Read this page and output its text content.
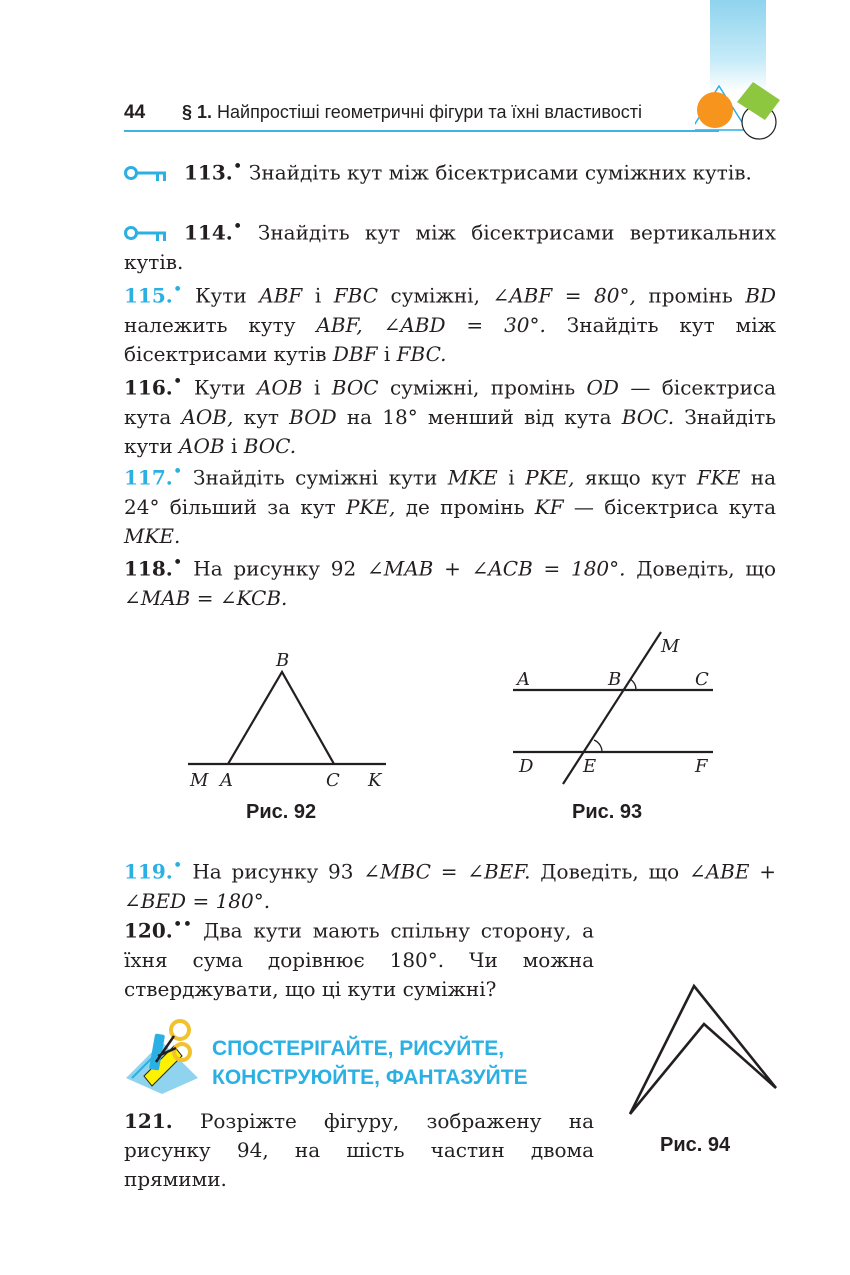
44 § 1. Найпростіші геометричні фігури та їхні властивості
113.• Знайдіть кут між бісектрисами суміжних кутів.
114.• Знайдіть кут між бісектрисами вертикальних кутів.
115.• Кути ABF і FBC суміжні, ∠ABF = 80°, промінь BD належить куту ABF, ∠ABD = 30°. Знайдіть кут між бісектрисами кутів DBF і FBC.
116.• Кути AOB і BOC суміжні, промінь OD — бісектриса кута AOB, кут BOD на 18° менший від кута BOC. Знайдіть кути AOB і BOC.
117.• Знайдіть суміжні кути MKE і PKE, якщо кут FKE на 24° більший за кут PKE, де промінь KF — бісектриса кута MKE.
118.• На рисунку 92 ∠MAB + ∠ACB = 180°. Доведіть, що ∠MAB = ∠KCB.
B
M A	C K
Рис. 92
M
A	B	C
D	E	F
Рис. 93
119.• На рисунку 93 ∠MBC = ∠BEF. Доведіть, що ∠ABE + ∠BED = 180°.
120.•• Два кути мають спільну сторону, а їхня сума дорівнює 180°. Чи можна стверджувати, що ці кути суміжні?
СПОСТЕРІГАЙТЕ, РИСУЙТЕ,
КОНСТРУЮЙТЕ, ФАНТАЗУЙТЕ
121. Розріжте фігуру, зображену на рисунку 94, на шість частин двома прямими.
Рис. 94
